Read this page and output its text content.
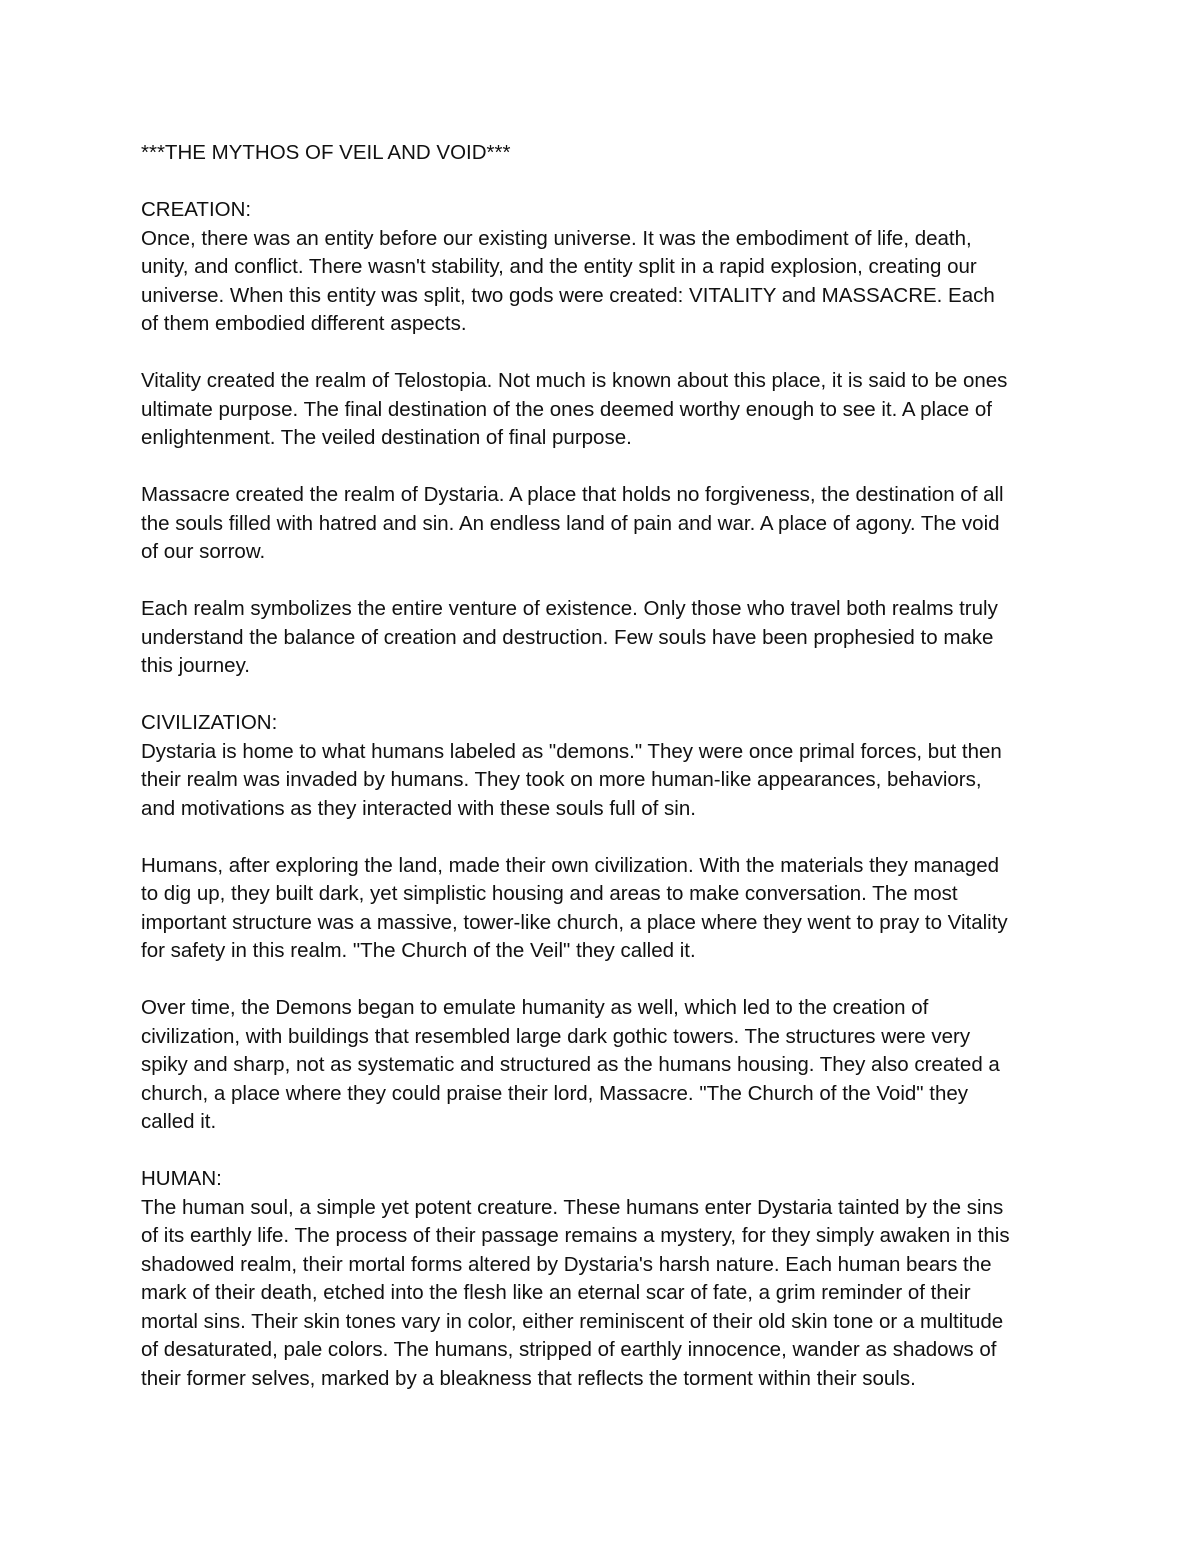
***THE MYTHOS OF VEIL AND VOID***
CREATION:
Once, there was an entity before our existing universe. It was the embodiment of life, death,
unity, and conflict. There wasn't stability, and the entity split in a rapid explosion, creating our
universe. When this entity was split, two gods were created: VITALITY and MASSACRE. Each
of them embodied different aspects.
Vitality created the realm of Telostopia. Not much is known about this place, it is said to be ones
ultimate purpose. The final destination of the ones deemed worthy enough to see it. A place of
enlightenment. The veiled destination of final purpose.
Massacre created the realm of Dystaria. A place that holds no forgiveness, the destination of all
the souls filled with hatred and sin. An endless land of pain and war. A place of agony. The void
of our sorrow.
Each realm symbolizes the entire venture of existence. Only those who travel both realms truly
understand the balance of creation and destruction. Few souls have been prophesied to make
this journey.
CIVILIZATION:
Dystaria is home to what humans labeled as "demons." They were once primal forces, but then
their realm was invaded by humans. They took on more human-like appearances, behaviors,
and motivations as they interacted with these souls full of sin.
Humans, after exploring the land, made their own civilization. With the materials they managed
to dig up, they built dark, yet simplistic housing and areas to make conversation. The most
important structure was a massive, tower-like church, a place where they went to pray to Vitality
for safety in this realm. "The Church of the Veil" they called it.
Over time, the Demons began to emulate humanity as well, which led to the creation of
civilization, with buildings that resembled large dark gothic towers. The structures were very
spiky and sharp, not as systematic and structured as the humans housing. They also created a
church, a place where they could praise their lord, Massacre. "The Church of the Void" they
called it.
HUMAN:
The human soul, a simple yet potent creature. These humans enter Dystaria tainted by the sins
of its earthly life. The process of their passage remains a mystery, for they simply awaken in this
shadowed realm, their mortal forms altered by Dystaria's harsh nature. Each human bears the
mark of their death, etched into the flesh like an eternal scar of fate, a grim reminder of their
mortal sins. Their skin tones vary in color, either reminiscent of their old skin tone or a multitude
of desaturated, pale colors. The humans, stripped of earthly innocence, wander as shadows of
their former selves, marked by a bleakness that reflects the torment within their souls.
